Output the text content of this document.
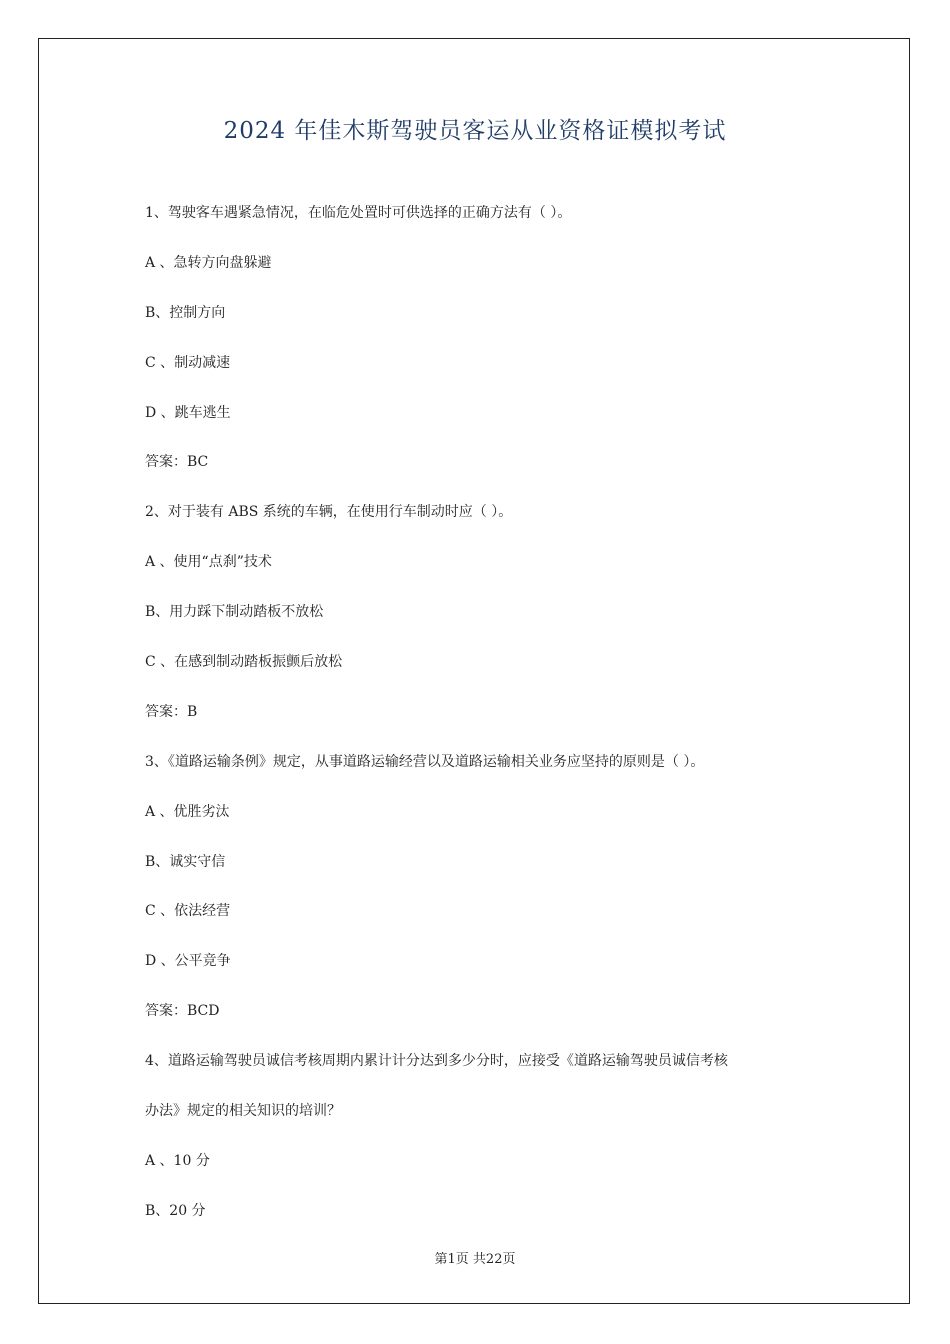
2024 年佳木斯驾驶员客运从业资格证模拟考试
1、驾驶客车遇紧急情况，在临危处置时可供选择的正确方法有（ ）。
A 、急转方向盘躲避
B、控制方向
C 、制动减速
D 、跳车逃生
答案：BC
2、对于装有 ABS 系统的车辆，在使用行车制动时应（ ）。
A 、使用“点刹”技术
B、用力踩下制动踏板不放松
C 、在感到制动踏板振颤后放松
答案：B
3、《道路运输条例》规定，从事道路运输经营以及道路运输相关业务应坚持的原则是（ ）。
A 、优胜劣汰
B、诚实守信
C 、依法经营
D 、公平竞争
答案：BCD
4、道路运输驾驶员诚信考核周期内累计计分达到多少分时，应接受《道路运输驾驶员诚信考核
办法》规定的相关知识的培训？
A 、10 分
B、20 分
第1页 共22页
